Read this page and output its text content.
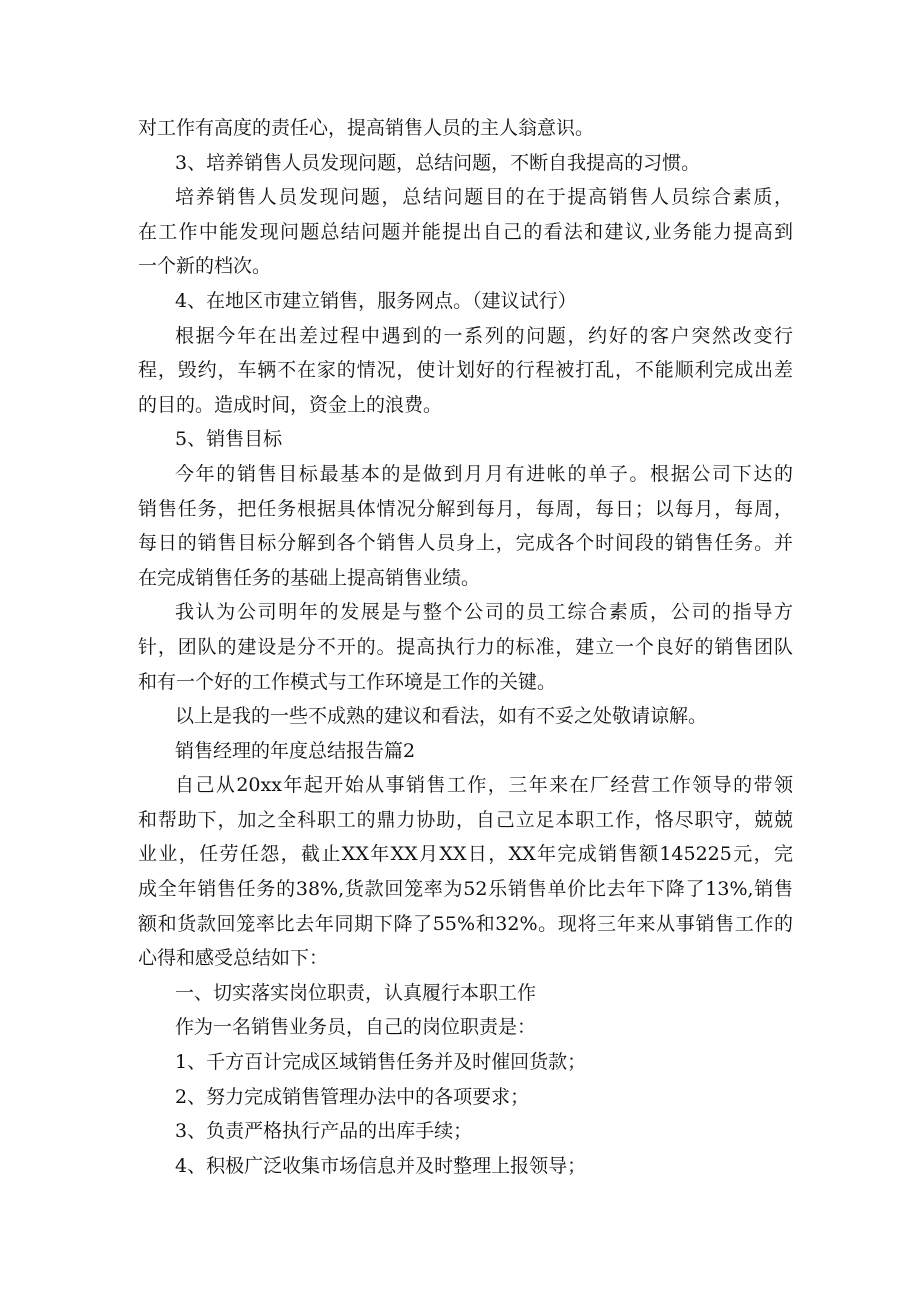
对工作有高度的责任心，提高销售人员的主人翁意识。
3、培养销售人员发现问题，总结问题，不断自我提高的习惯。
培养销售人员发现问题，总结问题目的在于提高销售人员综合素质，
在工作中能发现问题总结问题并能提出自己的看法和建议,业务能力提高到
一个新的档次。
4、在地区市建立销售，服务网点。（建议试行）
根据今年在出差过程中遇到的一系列的问题，约好的客户突然改变行
程，毁约，车辆不在家的情况，使计划好的行程被打乱，不能顺利完成出差
的目的。造成时间，资金上的浪费。
5、销售目标
今年的销售目标最基本的是做到月月有进帐的单子。根据公司下达的
销售任务，把任务根据具体情况分解到每月，每周，每日；以每月，每周，
每日的销售目标分解到各个销售人员身上，完成各个时间段的销售任务。并
在完成销售任务的基础上提高销售业绩。
我认为公司明年的发展是与整个公司的员工综合素质，公司的指导方
针，团队的建设是分不开的。提高执行力的标准，建立一个良好的销售团队
和有一个好的工作模式与工作环境是工作的关键。
以上是我的一些不成熟的建议和看法，如有不妥之处敬请谅解。
销售经理的年度总结报告篇2
自己从20xx年起开始从事销售工作，三年来在厂经营工作领导的带领
和帮助下，加之全科职工的鼎力协助，自己立足本职工作，恪尽职守，兢兢
业业，任劳任怨，截止XX年XX月XX日，XX年完成销售额145225元，完
成全年销售任务的38%,货款回笼率为52乐销售单价比去年下降了13%,销售
额和货款回笼率比去年同期下降了55%和32%。现将三年来从事销售工作的
心得和感受总结如下：
一、切实落实岗位职责，认真履行本职工作
作为一名销售业务员，自己的岗位职责是：
1、千方百计完成区域销售任务并及时催回货款；
2、努力完成销售管理办法中的各项要求；
3、负责严格执行产品的出库手续；
4、积极广泛收集市场信息并及时整理上报领导；
